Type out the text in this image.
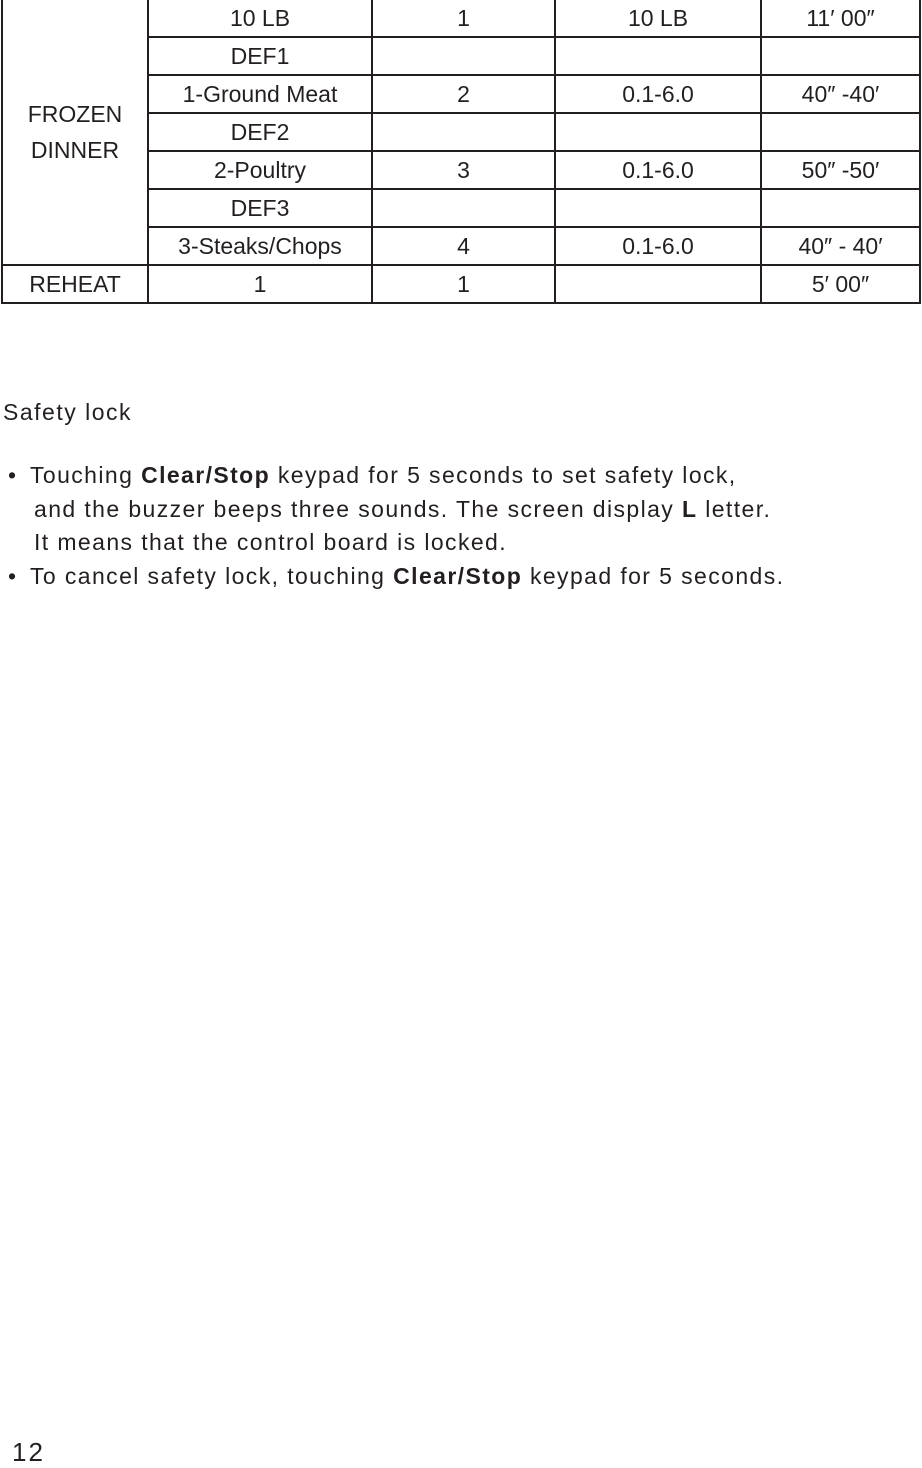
FROZEN
DINNER	10 LB	1	10 LB	11′ 00″
	DEF1			
	1-Ground Meat	2	0.1-6.0	40″ -40′
	DEF2			
	2-Poultry	3	0.1-6.0	50″ -50′
	DEF3			
	3-Steaks/Chops	4	0.1-6.0	40″ - 40′
REHEAT	1	1		5′ 00″
Safety lock
• Touching Clear/Stop keypad for 5 seconds to set safety lock,
and the buzzer beeps three sounds. The screen display L letter.
It means that the control board is locked.
• To cancel safety lock, touching Clear/Stop keypad for 5 seconds.
12
